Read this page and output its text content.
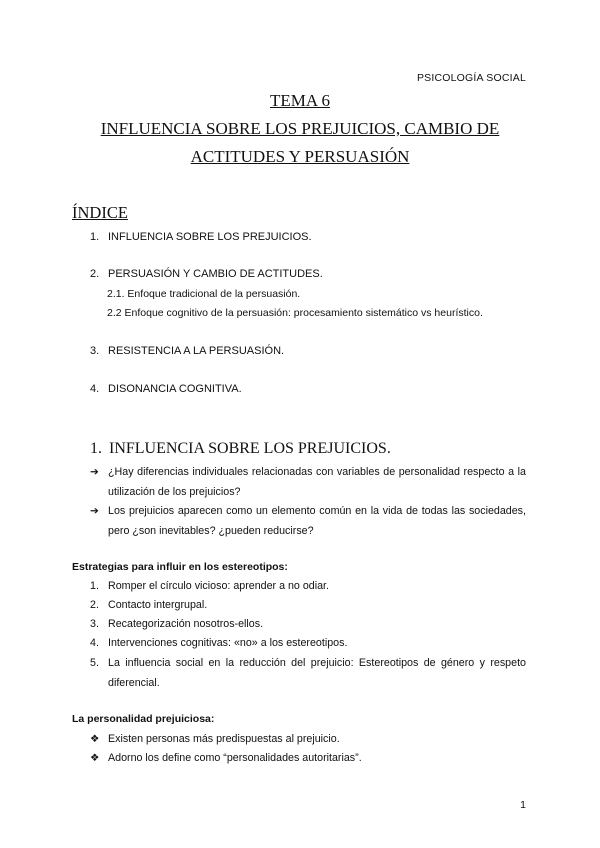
PSICOLOGÍA SOCIAL
TEMA 6
INFLUENCIA SOBRE LOS PREJUICIOS, CAMBIO DE
ACTITUDES Y PERSUASIÓN
ÍNDICE
1. INFLUENCIA SOBRE LOS PREJUICIOS.
2. PERSUASIÓN Y CAMBIO DE ACTITUDES.
2.1. Enfoque tradicional de la persuasión.
2.2 Enfoque cognitivo de la persuasión: procesamiento sistemático vs heurístico.
3. RESISTENCIA A LA PERSUASIÓN.
4. DISONANCIA COGNITIVA.
1. INFLUENCIA SOBRE LOS PREJUICIOS.
➔ ¿Hay diferencias individuales relacionadas con variables de personalidad respecto a la utilización de los prejuicios?
➔ Los prejuicios aparecen como un elemento común en la vida de todas las sociedades, pero ¿son inevitables? ¿pueden reducirse?
Estrategias para influir en los estereotipos:
1. Romper el círculo vicioso: aprender a no odiar.
2. Contacto intergrupal.
3. Recategorización nosotros-ellos.
4. Intervenciones cognitivas: «no» a los estereotipos.
5. La influencia social en la reducción del prejuicio: Estereotipos de género y respeto diferencial.
La personalidad prejuiciosa:
❖ Existen personas más predispuestas al prejuicio.
❖ Adorno los define como “personalidades autoritarias”.
1
